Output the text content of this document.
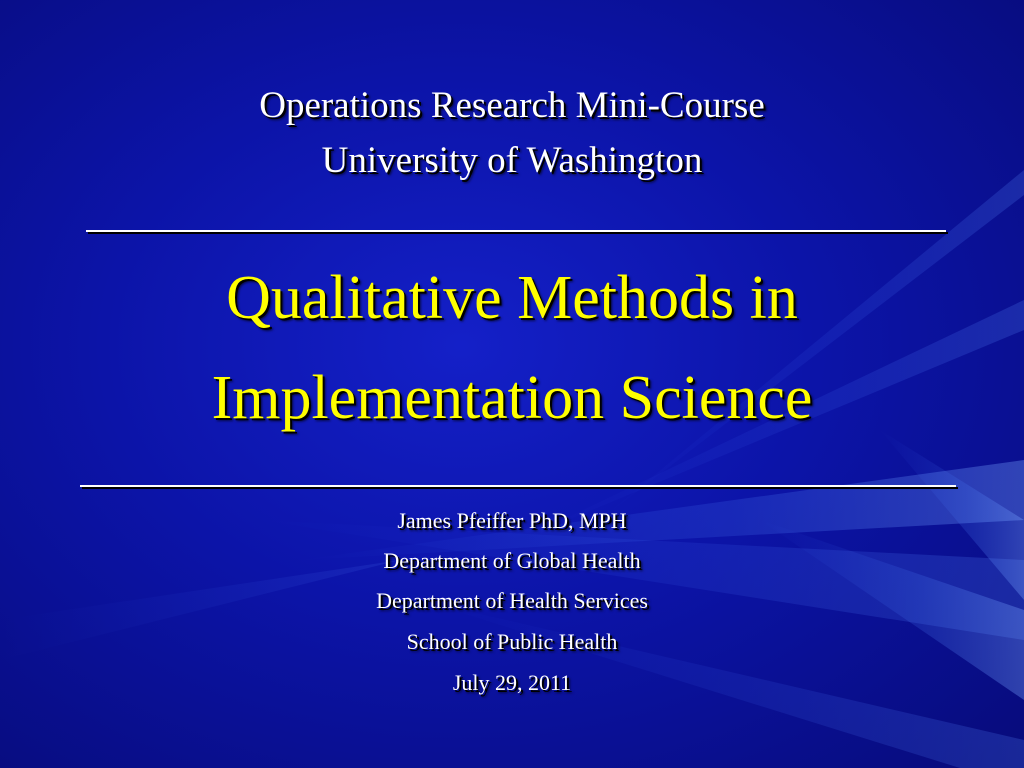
Operations Research Mini-Course
University of Washington
Qualitative Methods in
Implementation Science
James Pfeiffer PhD, MPH
Department of Global Health
Department of Health Services
School of Public Health
July 29, 2011
